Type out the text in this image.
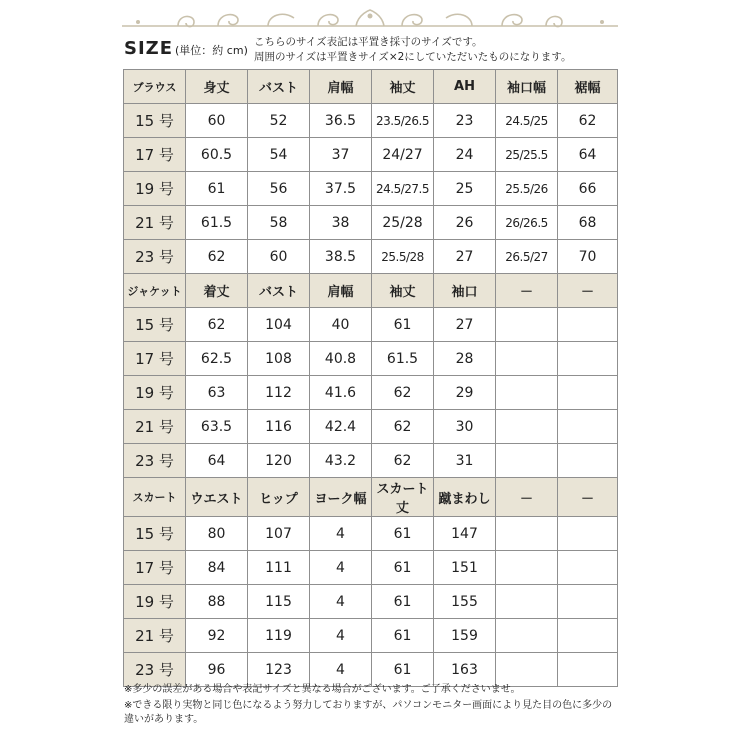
SIZE (単位：約 cm)
こちらのサイズ表記は平置き採寸のサイズです。
周囲のサイズは平置きサイズ×2にしていただいたものになります。
ブラウス	身丈	バスト	肩幅	袖丈	AH	袖口幅	裾幅
15 号	60	52	36.5	23.5/26.5	23	24.5/25	62
17 号	60.5	54	37	24/27	24	25/25.5	64
19 号	61	56	37.5	24.5/27.5	25	25.5/26	66
21 号	61.5	58	38	25/28	26	26/26.5	68
23 号	62	60	38.5	25.5/28	27	26.5/27	70
ジャケット	着丈	バスト	肩幅	袖丈	袖口	－	－
15 号	62	104	40	61	27		
17 号	62.5	108	40.8	61.5	28		
19 号	63	112	41.6	62	29		
21 号	63.5	116	42.4	62	30		
23 号	64	120	43.2	62	31		
スカート	ウエスト	ヒップ	ヨーク幅	スカート丈	蹴まわし	－	－
15 号	80	107	4	61	147		
17 号	84	111	4	61	151		
19 号	88	115	4	61	155		
21 号	92	119	4	61	159		
23 号	96	123	4	61	163		
※多少の誤差がある場合や表記サイズと異なる場合がございます。ご了承くださいませ。
※できる限り実物と同じ色になるよう努力しておりますが、パソコンモニター画面により見た目の色に多少の違いがあります。
